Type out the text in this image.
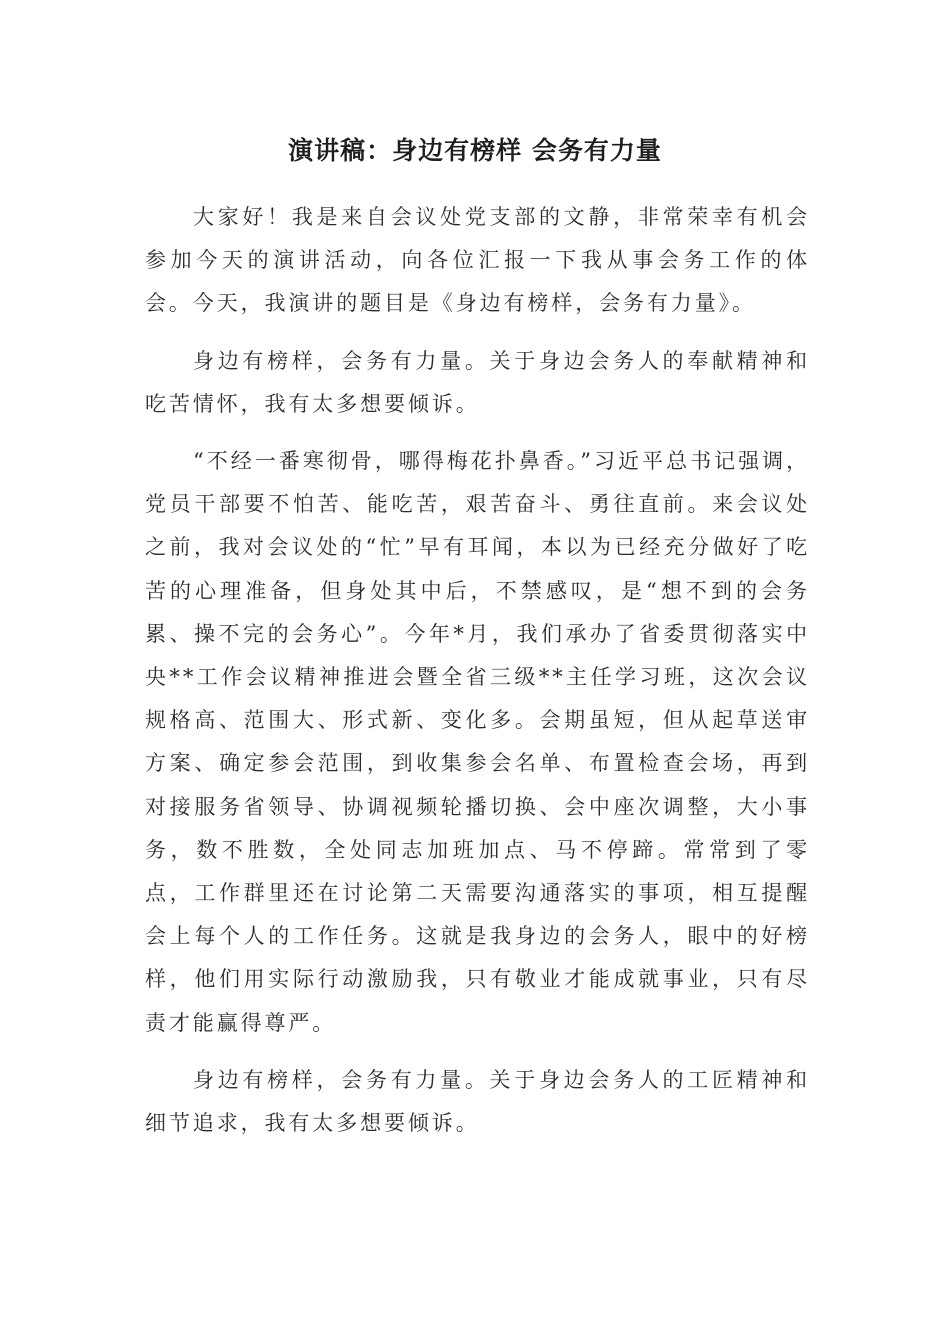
演讲稿：身边有榜样 会务有力量

大家好！我是来自会议处党支部的文静，非常荣幸有机会参加今天的演讲活动，向各位汇报一下我从事会务工作的体会。今天，我演讲的题目是《身边有榜样，会务有力量》。

身边有榜样，会务有力量。关于身边会务人的奉献精神和吃苦情怀，我有太多想要倾诉。

“不经一番寒彻骨，哪得梅花扑鼻香。”习近平总书记强调，党员干部要不怕苦、能吃苦，艰苦奋斗、勇往直前。来会议处之前，我对会议处的“忙”早有耳闻，本以为已经充分做好了吃苦的心理准备，但身处其中后，不禁感叹，是“想不到的会务累、操不完的会务心”。今年*月，我们承办了省委贯彻落实中央**工作会议精神推进会暨全省三级**主任学习班，这次会议规格高、范围大、形式新、变化多。会期虽短，但从起草送审方案、确定参会范围，到收集参会名单、布置检查会场，再到对接服务省领导、协调视频轮播切换、会中座次调整，大小事务，数不胜数，全处同志加班加点、马不停蹄。常常到了零点，工作群里还在讨论第二天需要沟通落实的事项，相互提醒会上每个人的工作任务。这就是我身边的会务人，眼中的好榜样，他们用实际行动激励我，只有敬业才能成就事业，只有尽责才能赢得尊严。

身边有榜样，会务有力量。关于身边会务人的工匠精神和细节追求，我有太多想要倾诉。
